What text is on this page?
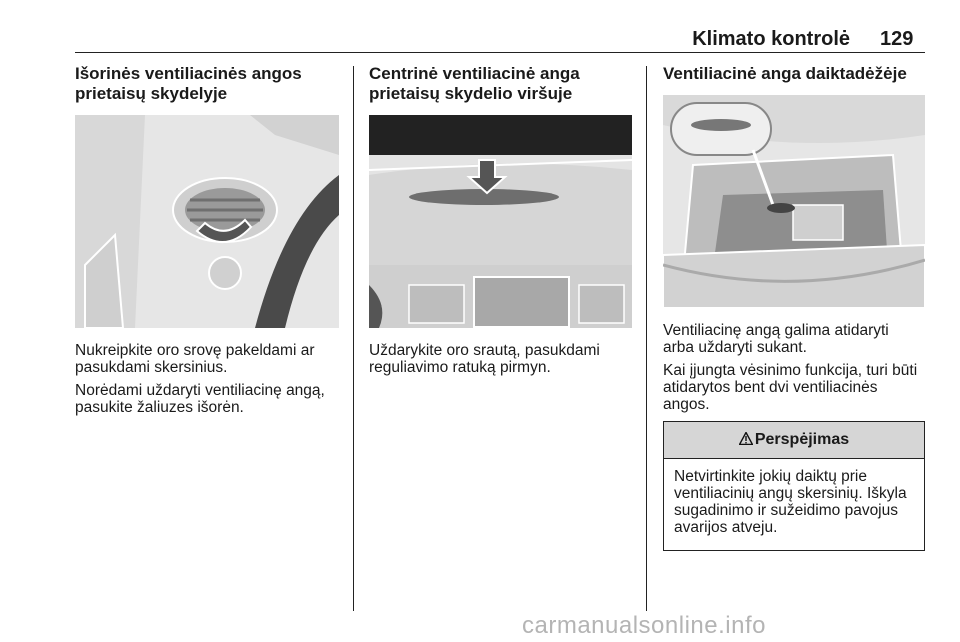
Klimato kontrolė 129
Išorinės ventiliacinės angos
prietaisų skydelyje

Nukreipkite oro srovę pakeldami ar
pasukdami skersinius.

Norėdami uždaryti ventiliacinę angą,
pasukite žaliuzes išorėn.

Centrinė ventiliacinė anga
prietaisų skydelio viršuje

Uždarykite oro srautą, pasukdami
reguliavimo ratuką pirmyn.

Ventiliacinė anga daiktadėžėje

Ventiliacinę angą galima atidaryti
arba uždaryti sukant.

Kai įjungta vėsinimo funkcija, turi būti
atidarytos bent dvi ventiliacinės
angos.

Perspėjimas
Netvirtinkite jokių daiktų prie
ventiliacinių angų skersinių. Iškyla
sugadinimo ir sužeidimo pavojus
avarijos atveju.
carmanualsonline.info
